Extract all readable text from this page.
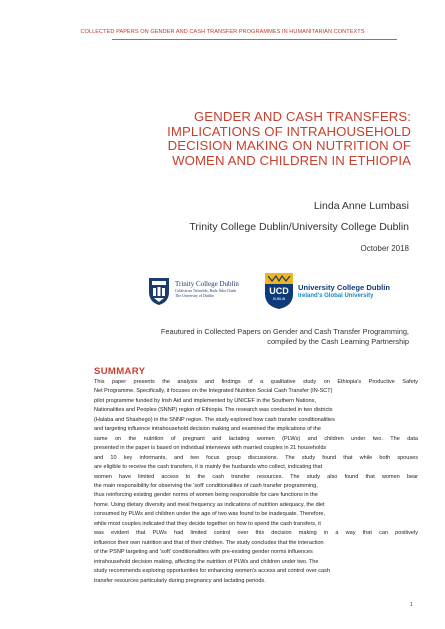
COLLECTED PAPERS ON GENDER AND CASH TRANSFER PROGRAMMES IN HUMANITARIAN CONTEXTS
GENDER AND CASH TRANSFERS:
IMPLICATIONS OF INTRAHOUSEHOLD
DECISION MAKING ON NUTRITION OF
WOMEN AND CHILDREN IN ETHIOPIA
Linda Anne Lumbasi
Trinity College Dublin/University College Dublin
October 2018
Trinity College Dublin
Coláiste na Tríonóide, Baile Átha Cliath
The University of Dublin	UCD
DUBLIN
University College Dublin
Ireland's Global University
Feautured in Collected Papers on Gender and Cash Transfer Programming,
compiled by the Cash Learning Partnership
SUMMARY
This paper presents the analysis and findings of a qualitative study on Ethiopia's Productive Safety
Net Programme. Specifically, it focuses on the Integrated Nutrition Social Cash Transfer (IN-SCT)
pilot programme funded by Irish Aid and implemented by UNICEF in the Southern Nations,
Nationalities and Peoples (SNNP) region of Ethiopia. The research was conducted in two districts
(Halaba and Shashego) in the SNNP region. The study explored how cash transfer conditionalities
and targeting influence intrahousehold decision making and examined the implications of the
same on the nutrition of pregnant and lactating women (PLWs) and children under two. The data
presented in the paper is based on individual interviews with married couples in 21 households
and 10 key informants, and two focus group discussions. The study found that while both spouses
are eligible to receive the cash transfers, it is mainly the husbands who collect, indicating that
women have limited access to the cash transfer resources. The study also found that women bear
the main responsibility for observing the 'soft' conditionalities of cash transfer programming,
thus reinforcing existing gender norms of women being responsible for care functions in the
home. Using dietary diversity and meal frequency as indications of nutrition adequacy, the diet
consumed by PLWs and children under the age of two was found to be inadequate. Therefore,
while most couples indicated that they decide together on how to spend the cash transfers, it
was evident that PLWs had limited control over this decision making in a way that can positively
influence their own nutrition and that of their children. The study concludes that the interaction
of the PSNP targeting and 'soft' conditionalities with pre-existing gender norms influences
intrahousehold decision making, affecting the nutrition of PLWs and children under two. The
study recommends exploring opportunities for enhancing women's access and control over cash
transfer resources particularly during pregnancy and lactating periods.
1
